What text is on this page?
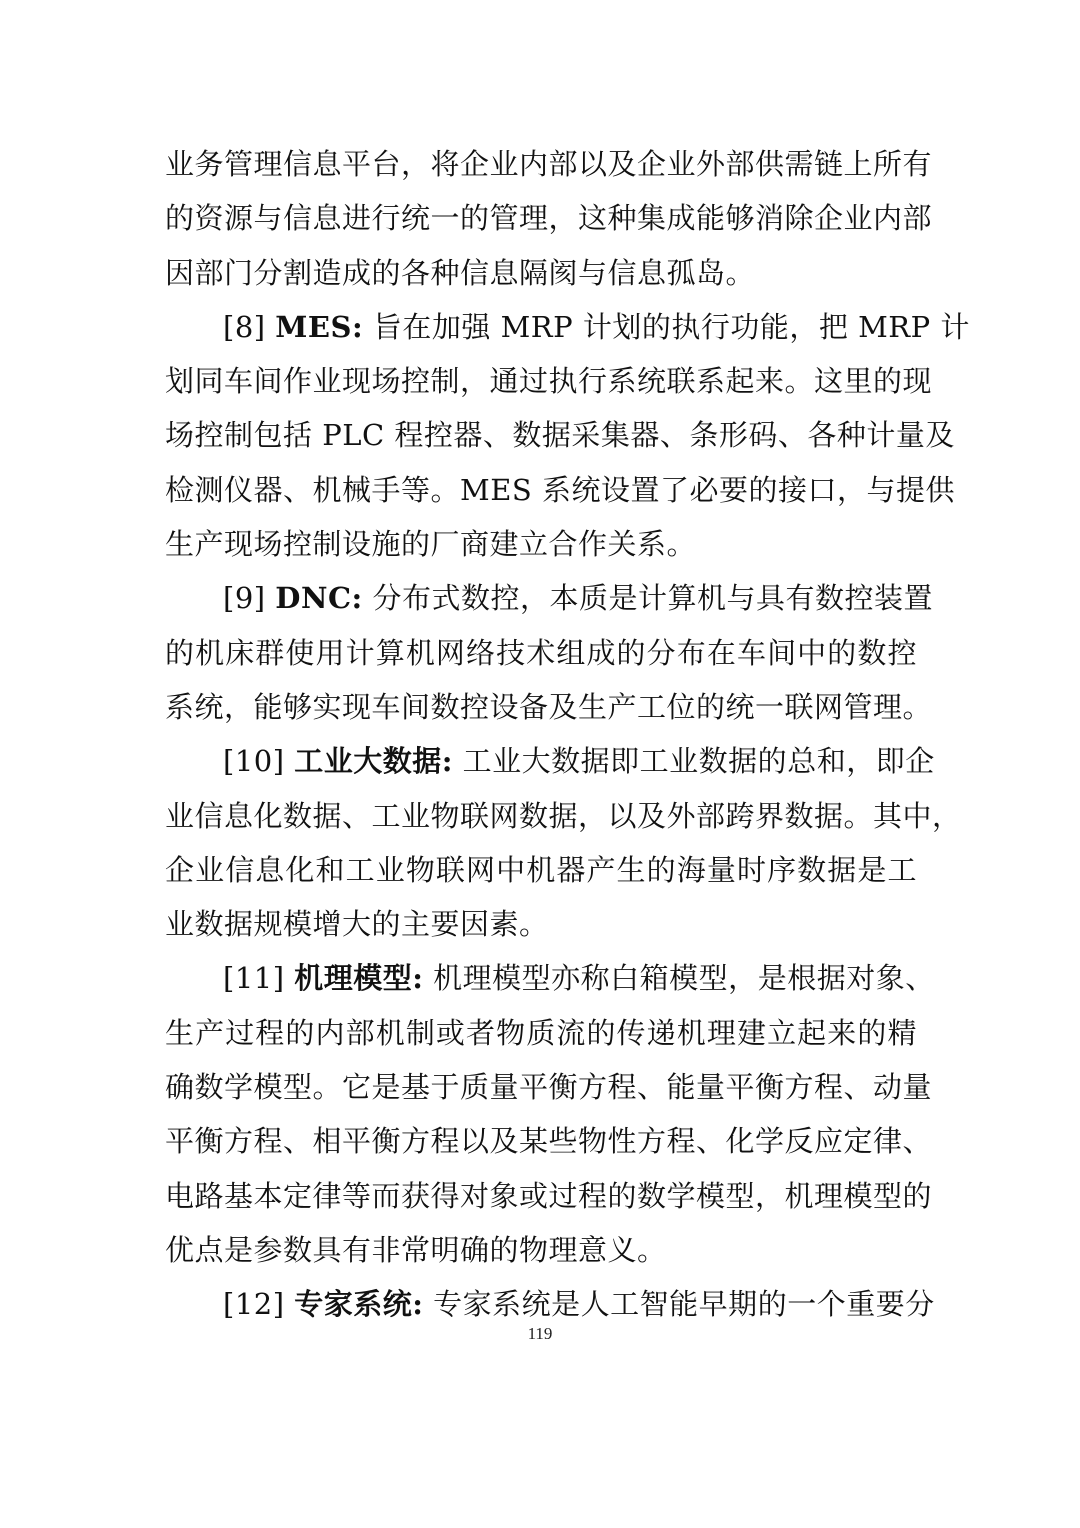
业务管理信息平台，将企业内部以及企业外部供需链上所有
的资源与信息进行统一的管理，这种集成能够消除企业内部
因部门分割造成的各种信息隔阂与信息孤岛。
[8] MES: 旨在加强 MRP 计划的执行功能，把 MRP 计
划同车间作业现场控制，通过执行系统联系起来。这里的现
场控制包括 PLC 程控器、数据采集器、条形码、各种计量及
检测仪器、机械手等。MES 系统设置了必要的接口，与提供
生产现场控制设施的厂商建立合作关系。
[9] DNC: 分布式数控，本质是计算机与具有数控装置
的机床群使用计算机网络技术组成的分布在车间中的数控
系统，能够实现车间数控设备及生产工位的统一联网管理。
[10] 工业大数据: 工业大数据即工业数据的总和，即企
业信息化数据、工业物联网数据，以及外部跨界数据。其中，
企业信息化和工业物联网中机器产生的海量时序数据是工
业数据规模增大的主要因素。
[11] 机理模型: 机理模型亦称白箱模型，是根据对象、
生产过程的内部机制或者物质流的传递机理建立起来的精
确数学模型。它是基于质量平衡方程、能量平衡方程、动量
平衡方程、相平衡方程以及某些物性方程、化学反应定律、
电路基本定律等而获得对象或过程的数学模型，机理模型的
优点是参数具有非常明确的物理意义。
[12] 专家系统: 专家系统是人工智能早期的一个重要分
119
